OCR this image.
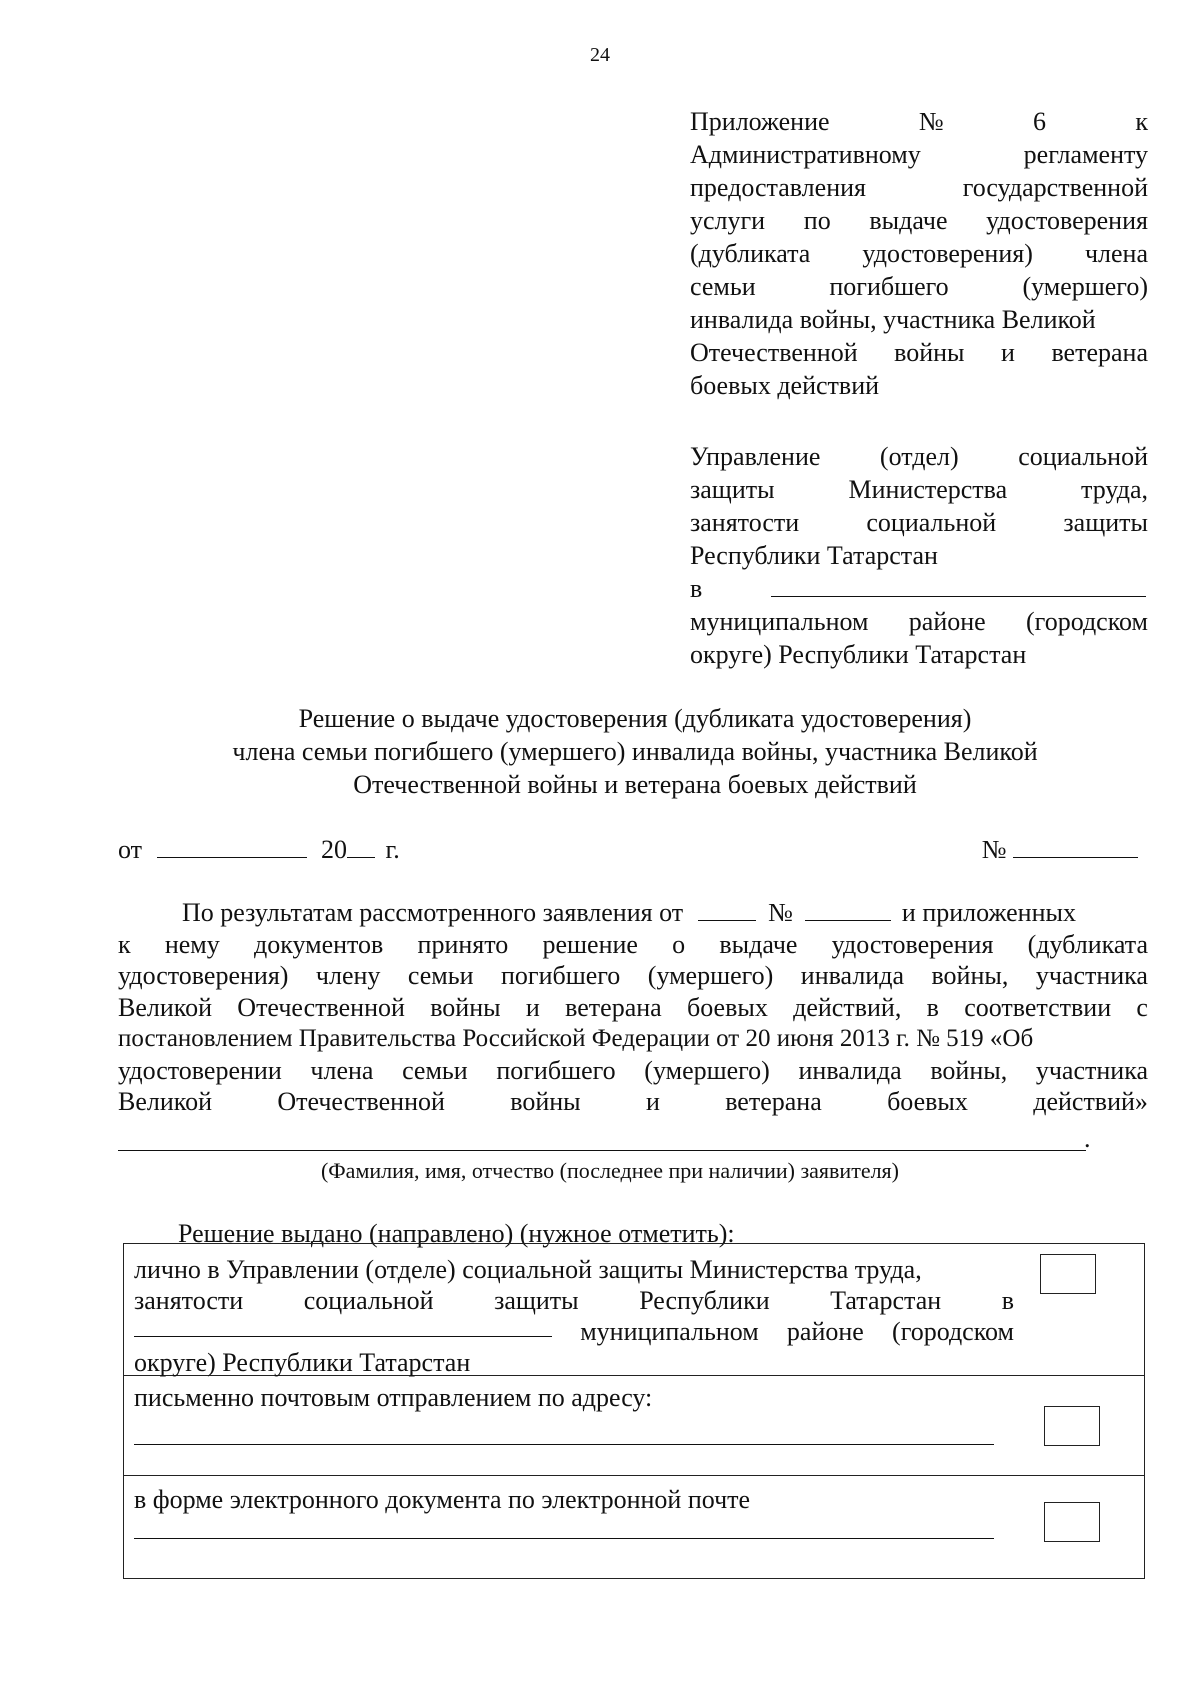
24
Приложение	№	6	к
Административному	регламенту
предоставления	государственной
услуги по выдаче удостоверения
(дубликата удостоверения) члена
семьи	погибшего	(умершего)
инвалида войны, участника Великой
Отечественной войны и ветерана
боевых действий
Управление (отдел) социальной
защиты	Министерства	труда,
занятости	социальной	защиты
Республики Татарстан
в
муниципальном районе (городском
округе) Республики Татарстан
Решение о выдаче удостоверения (дубликата удостоверения)
члена семьи погибшего (умершего) инвалида войны, участника Великой
Отечественной войны и ветерана боевых действий
от	20 г.	№
По результатам рассмотренного заявления от	№	и приложенных
к нему документов принято решение о выдаче удостоверения (дубликата
удостоверения) члену семьи погибшего (умершего) инвалида войны, участника
Великой Отечественной войны и ветерана боевых действий, в соответствии с
постановлением Правительства Российской Федерации от 20 июня 2013 г. № 519 «Об
удостоверении члена семьи погибшего (умершего) инвалида войны, участника
Великой	Отечественной	войны	и	ветерана	боевых	действий»
.
(Фамилия, имя, отчество (последнее при наличии) заявителя)
Решение выдано (направлено) (нужное отметить):
лично в Управлении (отделе) социальной защиты Министерства труда,
занятости социальной защиты Республики Татарстан в
муниципальном районе (городском
округе) Республики Татарстан
письменно почтовым отправлением по адресу:
в форме электронного документа по электронной почте
